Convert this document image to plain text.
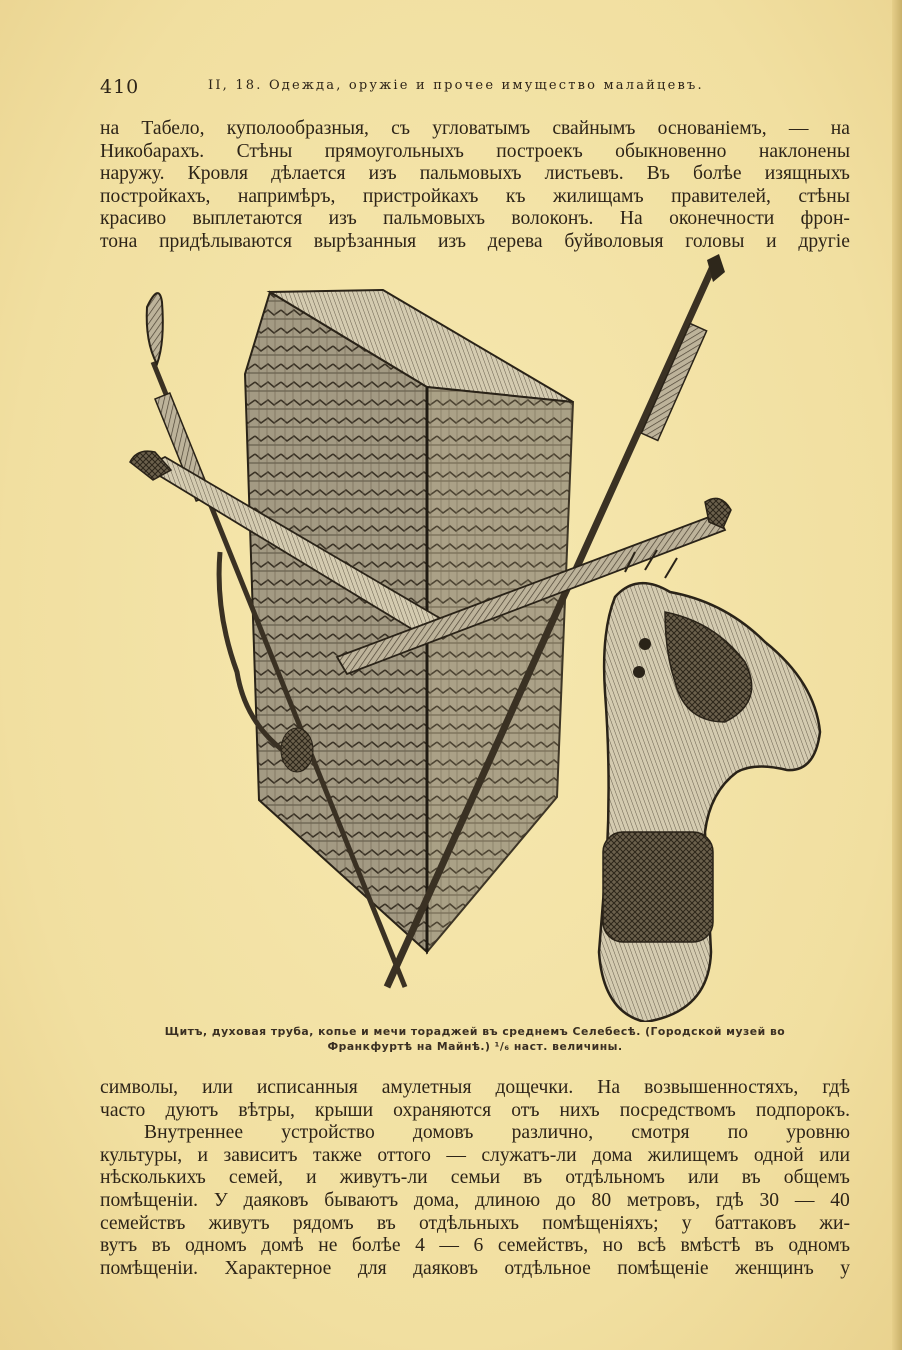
410	II, 18. Одежда, оружіе и прочее имущество малайцевъ.
на Табело, куполообразныя, съ угловатымъ свайнымъ основаніемъ, — на
Никобарахъ. Стѣны прямоугольныхъ построекъ обыкновенно наклонены
наружу. Кровля дѣлается изъ пальмовыхъ листьевъ. Въ болѣе изящныхъ
постройкахъ, напримѣръ, пристройкахъ къ жилищамъ правителей, стѣны
красиво выплетаются изъ пальмовыхъ волоконъ. На оконечности фрон-
тона придѣлываются вырѣзанныя изъ дерева буйволовыя головы и другіе
Щитъ, духовая труба, копье и мечи тораджей въ среднемъ Селебесѣ. (Городской музей во
Франкфуртѣ на Майнѣ.) ¹/₆ наст. величины.
символы, или исписанныя амулетныя дощечки. На возвышенностяхъ, гдѣ
часто дуютъ вѣтры, крыши охраняются отъ нихъ посредствомъ подпорокъ.
Внутреннее устройство домовъ различно, смотря по уровню
культуры, и зависитъ также оттого — служатъ-ли дома жилищемъ одной или
нѣсколькихъ семей, и живутъ-ли семьи въ отдѣльномъ или въ общемъ
помѣщеніи. У даяковъ бываютъ дома, длиною до 80 метровъ, гдѣ 30 — 40
семействъ живутъ рядомъ въ отдѣльныхъ помѣщеніяхъ; у баттаковъ жи-
вутъ въ одномъ домѣ не болѣе 4 — 6 семействъ, но всѣ вмѣстѣ въ одномъ
помѣщеніи. Характерное для даяковъ отдѣльное помѣщеніе женщинъ у
